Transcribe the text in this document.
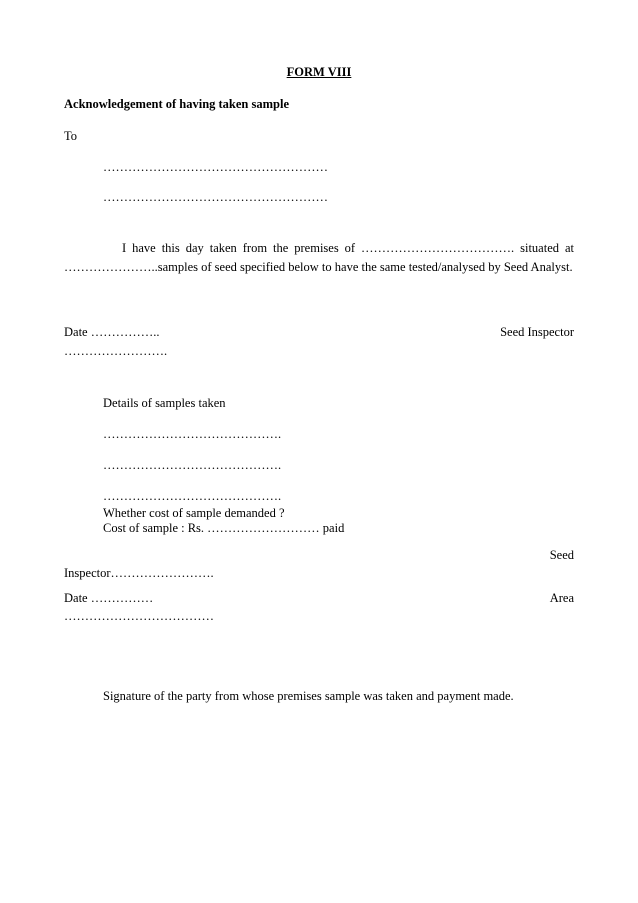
FORM VIII
Acknowledgement of having taken sample
To
………………………………………………
………………………………………………
I have this day taken from the premises of ………………………………. situated at …………………..samples of seed specified below to have the same tested/analysed by Seed Analyst.
Date ……………..	Seed Inspector
…………………….
Details of samples taken
…………………………………….
…………………………………….
…………………………………….
Whether cost of sample demanded ?
Cost of sample : Rs. ……………………… paid
Seed
Inspector…………………….
Date ……………	Area
………………………………
Signature of the party from whose premises sample was taken and payment made.
